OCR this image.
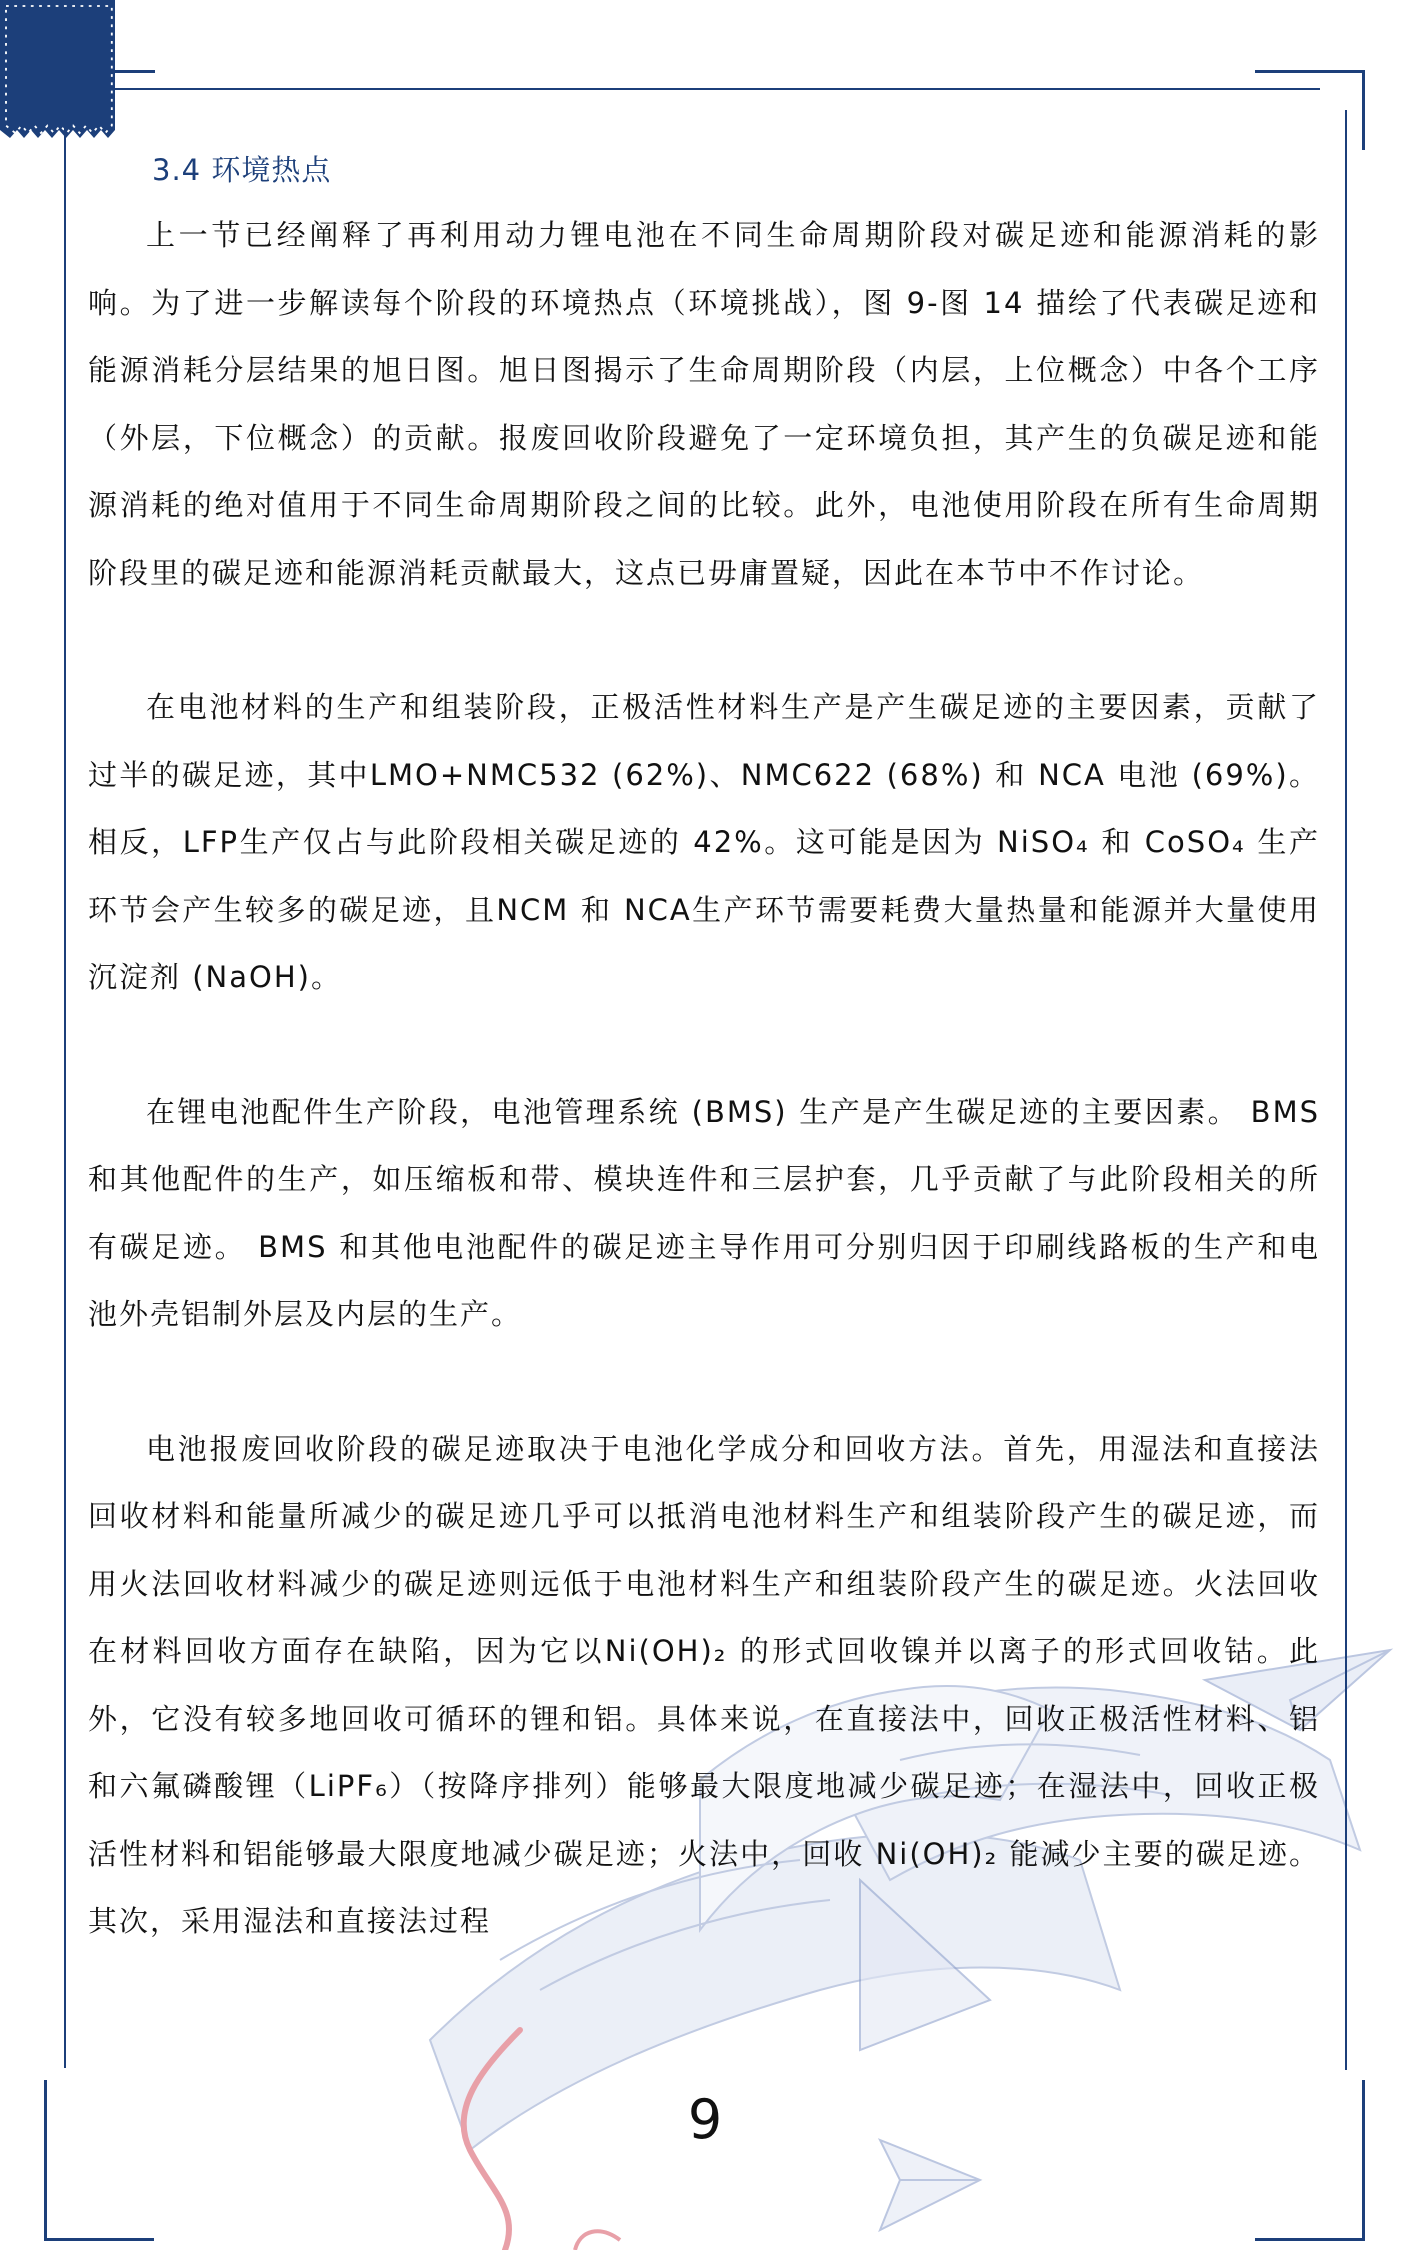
3.4 环境热点

上一节已经阐释了再利用动力锂电池在不同生命周期阶段对碳足迹和能源消耗的影响。为了进一步解读每个阶段的环境热点（环境挑战），图 9-图 14 描绘了代表碳足迹和能源消耗分层结果的旭日图。旭日图揭示了生命周期阶段（内层，上位概念）中各个工序（外层，下位概念）的贡献。报废回收阶段避免了一定环境负担，其产生的负碳足迹和能源消耗的绝对值用于不同生命周期阶段之间的比较。此外，电池使用阶段在所有生命周期阶段里的碳足迹和能源消耗贡献最大，这点已毋庸置疑，因此在本节中不作讨论。

在电池材料的生产和组装阶段，正极活性材料生产是产生碳足迹的主要因素，贡献了过半的碳足迹，其中LMO+NMC532 (62%)、NMC622 (68%) 和 NCA 电池 (69%)。相反，LFP生产仅占与此阶段相关碳足迹的 42%。这可能是因为 NiSO₄ 和 CoSO₄ 生产环节会产生较多的碳足迹，且NCM 和 NCA生产环节需要耗费大量热量和能源并大量使用沉淀剂 (NaOH)。

在锂电池配件生产阶段，电池管理系统 (BMS) 生产是产生碳足迹的主要因素。 BMS 和其他配件的生产，如压缩板和带、模块连件和三层护套，几乎贡献了与此阶段相关的所有碳足迹。 BMS 和其他电池配件的碳足迹主导作用可分别归因于印刷线路板的生产和电池外壳铝制外层及内层的生产。

电池报废回收阶段的碳足迹取决于电池化学成分和回收方法。首先，用湿法和直接法回收材料和能量所减少的碳足迹几乎可以抵消电池材料生产和组装阶段产生的碳足迹，而用火法回收材料减少的碳足迹则远低于电池材料生产和组装阶段产生的碳足迹。火法回收在材料回收方面存在缺陷，因为它以Ni(OH)₂ 的形式回收镍并以离子的形式回收钴。此外，它没有较多地回收可循环的锂和铝。具体来说，在直接法中，回收正极活性材料、铝和六氟磷酸锂（LiPF₆）（按降序排列）能够最大限度地减少碳足迹；在湿法中，回收正极活性材料和铝能够最大限度地减少碳足迹；火法中，回收 Ni(OH)₂ 能减少主要的碳足迹。其次，采用湿法和直接法过程

9
